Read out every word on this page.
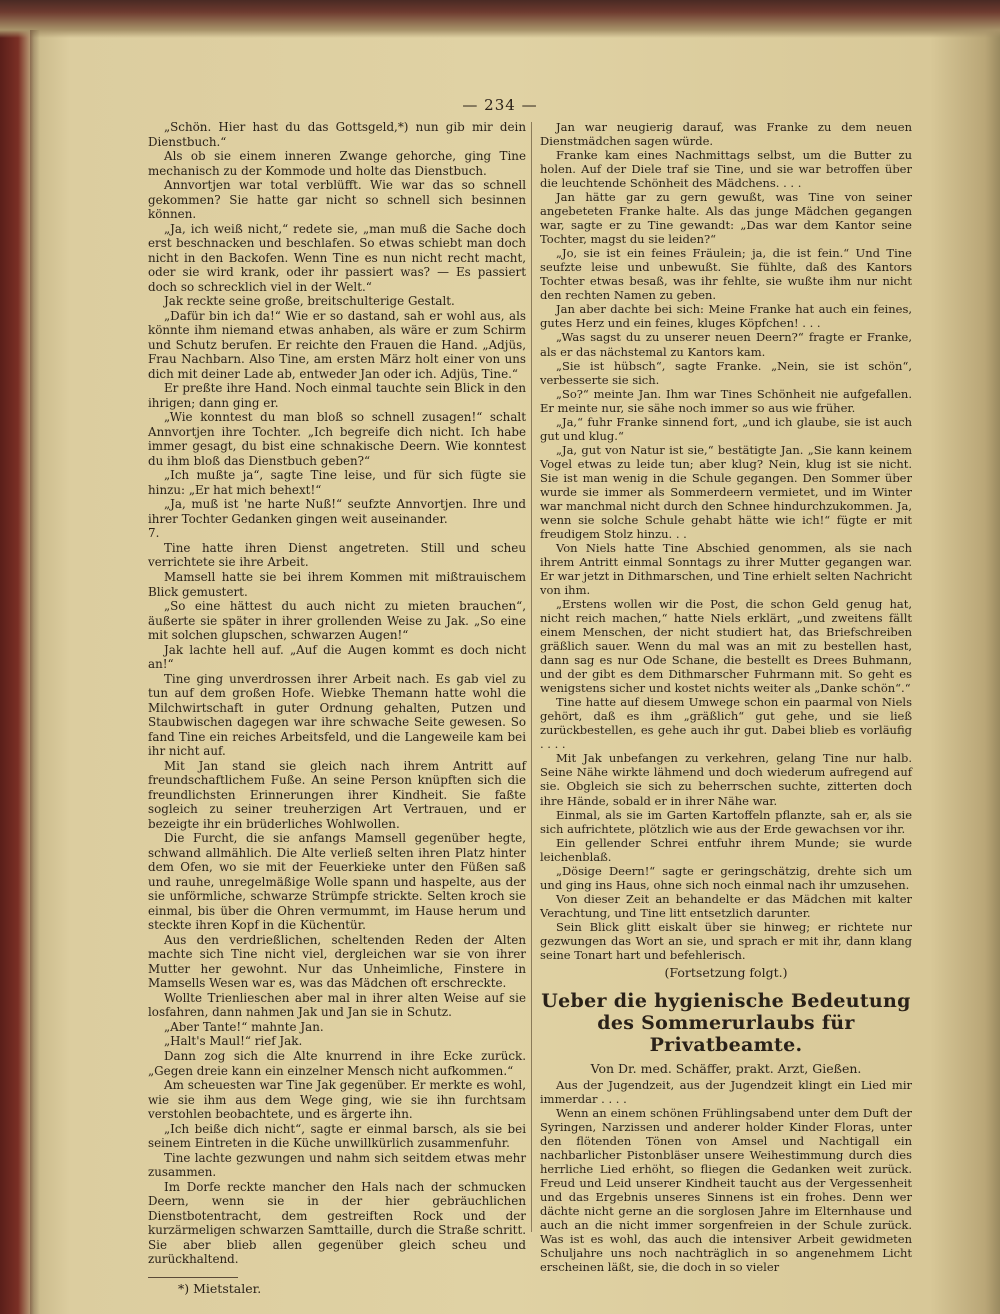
— 234 —

„Schön. Hier hast du das Gottsgeld,*) nun gib mir dein Dienstbuch.“

Als ob sie einem inneren Zwange gehorche, ging Tine mechanisch zu der Kommode und holte das Dienstbuch.

Annvortjen war total verblüfft. Wie war das so schnell gekommen? Sie hatte gar nicht so schnell sich besinnen können.

„Ja, ich weiß nicht,“ redete sie, „man muß die Sache doch erst beschnacken und beschlafen. So etwas schiebt man doch nicht in den Backofen. Wenn Tine es nun nicht recht macht, oder sie wird krank, oder ihr passiert was? — Es passiert doch so schrecklich viel in der Welt.“

Jak reckte seine große, breitschulterige Gestalt.

„Dafür bin ich da!“ Wie er so dastand, sah er wohl aus, als könnte ihm niemand etwas anhaben, als wäre er zum Schirm und Schutz berufen. Er reichte den Frauen die Hand. „Adjüs, Frau Nachbarn. Also Tine, am ersten März holt einer von uns dich mit deiner Lade ab, entweder Jan oder ich. Adjüs, Tine.“

Er preßte ihre Hand. Noch einmal tauchte sein Blick in den ihrigen; dann ging er.

„Wie konntest du man bloß so schnell zusagen!“ schalt Annvortjen ihre Tochter. „Ich begreife dich nicht. Ich habe immer gesagt, du bist eine schnakische Deern. Wie konntest du ihm bloß das Dienstbuch geben?“

„Ich mußte ja“, sagte Tine leise, und für sich fügte sie hinzu: „Er hat mich behext!“

„Ja, muß ist 'ne harte Nuß!“ seufzte Annvortjen. Ihre und ihrer Tochter Gedanken gingen weit auseinander.

7.

Tine hatte ihren Dienst angetreten. Still und scheu verrichtete sie ihre Arbeit.

Mamsell hatte sie bei ihrem Kommen mit mißtrauischem Blick gemustert.

„So eine hättest du auch nicht zu mieten brauchen“, äußerte sie später in ihrer grollenden Weise zu Jak. „So eine mit solchen glupschen, schwarzen Augen!“

Jak lachte hell auf. „Auf die Augen kommt es doch nicht an!“

Tine ging unverdrossen ihrer Arbeit nach. Es gab viel zu tun auf dem großen Hofe. Wiebke Themann hatte wohl die Milchwirtschaft in guter Ordnung gehalten, Putzen und Staubwischen dagegen war ihre schwache Seite gewesen. So fand Tine ein reiches Arbeitsfeld, und die Langeweile kam bei ihr nicht auf.

Mit Jan stand sie gleich nach ihrem Antritt auf freundschaftlichem Fuße. An seine Person knüpften sich die freundlichsten Erinnerungen ihrer Kindheit. Sie faßte sogleich zu seiner treuherzigen Art Vertrauen, und er bezeigte ihr ein brüderliches Wohlwollen.

Die Furcht, die sie anfangs Mamsell gegenüber hegte, schwand allmählich. Die Alte verließ selten ihren Platz hinter dem Ofen, wo sie mit der Feuerkieke unter den Füßen saß und rauhe, unregelmäßige Wolle spann und haspelte, aus der sie unförmliche, schwarze Strümpfe strickte. Selten kroch sie einmal, bis über die Ohren vermummt, im Hause herum und steckte ihren Kopf in die Küchentür.

Aus den verdrießlichen, scheltenden Reden der Alten machte sich Tine nicht viel, dergleichen war sie von ihrer Mutter her gewohnt. Nur das Unheimliche, Finstere in Mamsells Wesen war es, was das Mädchen oft erschreckte.

Wollte Trienlieschen aber mal in ihrer alten Weise auf sie losfahren, dann nahmen Jak und Jan sie in Schutz.

„Aber Tante!“ mahnte Jan.

„Halt's Maul!“ rief Jak.

Dann zog sich die Alte knurrend in ihre Ecke zurück. „Gegen dreie kann ein einzelner Mensch nicht aufkommen.“

Am scheuesten war Tine Jak gegenüber. Er merkte es wohl, wie sie ihm aus dem Wege ging, wie sie ihn furchtsam verstohlen beobachtete, und es ärgerte ihn.

„Ich beiße dich nicht“, sagte er einmal barsch, als sie bei seinem Eintreten in die Küche unwillkürlich zusammenfuhr.

Tine lachte gezwungen und nahm sich seitdem etwas mehr zusammen.

Im Dorfe reckte mancher den Hals nach der schmucken Deern, wenn sie in der hier gebräuchlichen Dienstbotentracht, dem gestreiften Rock und der kurzärmeligen schwarzen Samttaille, durch die Straße schritt. Sie aber blieb allen gegenüber gleich scheu und zurückhaltend.

*) Mietstaler.

Jan war neugierig darauf, was Franke zu dem neuen Dienstmädchen sagen würde.

Franke kam eines Nachmittags selbst, um die Butter zu holen. Auf der Diele traf sie Tine, und sie war betroffen über die leuchtende Schönheit des Mädchens. . . .

Jan hätte gar zu gern gewußt, was Tine von seiner angebeteten Franke halte. Als das junge Mädchen gegangen war, sagte er zu Tine gewandt: „Das war dem Kantor seine Tochter, magst du sie leiden?“

„Jo, sie ist ein feines Fräulein; ja, die ist fein.“ Und Tine seufzte leise und unbewußt. Sie fühlte, daß des Kantors Tochter etwas besaß, was ihr fehlte, sie wußte ihm nur nicht den rechten Namen zu geben.

Jan aber dachte bei sich: Meine Franke hat auch ein feines, gutes Herz und ein feines, kluges Köpfchen! . . .

„Was sagst du zu unserer neuen Deern?“ fragte er Franke, als er das nächstemal zu Kantors kam.

„Sie ist hübsch“, sagte Franke. „Nein, sie ist schön“, verbesserte sie sich.

„So?“ meinte Jan. Ihm war Tines Schönheit nie aufgefallen. Er meinte nur, sie sähe noch immer so aus wie früher.

„Ja,“ fuhr Franke sinnend fort, „und ich glaube, sie ist auch gut und klug.“

„Ja, gut von Natur ist sie,“ bestätigte Jan. „Sie kann keinem Vogel etwas zu leide tun; aber klug? Nein, klug ist sie nicht. Sie ist man wenig in die Schule gegangen. Den Sommer über wurde sie immer als Sommerdeern vermietet, und im Winter war manchmal nicht durch den Schnee hindurchzukommen. Ja, wenn sie solche Schule gehabt hätte wie ich!“ fügte er mit freudigem Stolz hinzu. . .

Von Niels hatte Tine Abschied genommen, als sie nach ihrem Antritt einmal Sonntags zu ihrer Mutter gegangen war. Er war jetzt in Dithmarschen, und Tine erhielt selten Nachricht von ihm.

„Erstens wollen wir die Post, die schon Geld genug hat, nicht reich machen,“ hatte Niels erklärt, „und zweitens fällt einem Menschen, der nicht studiert hat, das Briefschreiben gräßlich sauer. Wenn du mal was an mit zu bestellen hast, dann sag es nur Ode Schane, die bestellt es Drees Buhmann, und der gibt es dem Dithmarscher Fuhrmann mit. So geht es wenigstens sicher und kostet nichts weiter als „Danke schön“.“

Tine hatte auf diesem Umwege schon ein paarmal von Niels gehört, daß es ihm „gräßlich“ gut gehe, und sie ließ zurückbestellen, es gehe auch ihr gut. Dabei blieb es vorläufig . . . .

Mit Jak unbefangen zu verkehren, gelang Tine nur halb. Seine Nähe wirkte lähmend und doch wiederum aufregend auf sie. Obgleich sie sich zu beherrschen suchte, zitterten doch ihre Hände, sobald er in ihrer Nähe war.

Einmal, als sie im Garten Kartoffeln pflanzte, sah er, als sie sich aufrichtete, plötzlich wie aus der Erde gewachsen vor ihr.

Ein gellender Schrei entfuhr ihrem Munde; sie wurde leichenblaß.

„Dösige Deern!“ sagte er geringschätzig, drehte sich um und ging ins Haus, ohne sich noch einmal nach ihr umzusehen.

Von dieser Zeit an behandelte er das Mädchen mit kalter Verachtung, und Tine litt entsetzlich darunter.

Sein Blick glitt eiskalt über sie hinweg; er richtete nur gezwungen das Wort an sie, und sprach er mit ihr, dann klang seine Tonart hart und befehlerisch.

(Fortsetzung folgt.)
Ueber die hygienische Bedeutung des Sommerurlaubs für Privatbeamte.
Von Dr. med. Schäffer, prakt. Arzt, Gießen.

Aus der Jugendzeit, aus der Jugendzeit klingt ein Lied mir immerdar . . . .

Wenn an einem schönen Frühlingsabend unter dem Duft der Syringen, Narzissen und anderer holder Kinder Floras, unter den flötenden Tönen von Amsel und Nachtigall ein nachbarlicher Pistonbläser unsere Weihestimmung durch dies herrliche Lied erhöht, so fliegen die Gedanken weit zurück. Freud und Leid unserer Kindheit taucht aus der Vergessenheit und das Ergebnis unseres Sinnens ist ein frohes. Denn wer dächte nicht gerne an die sorglosen Jahre im Elternhause und auch an die nicht immer sorgenfreien in der Schule zurück. Was ist es wohl, das auch die intensiver Arbeit gewidmeten Schuljahre uns noch nachträglich in so angenehmem Licht erscheinen läßt, sie, die doch in so vieler
